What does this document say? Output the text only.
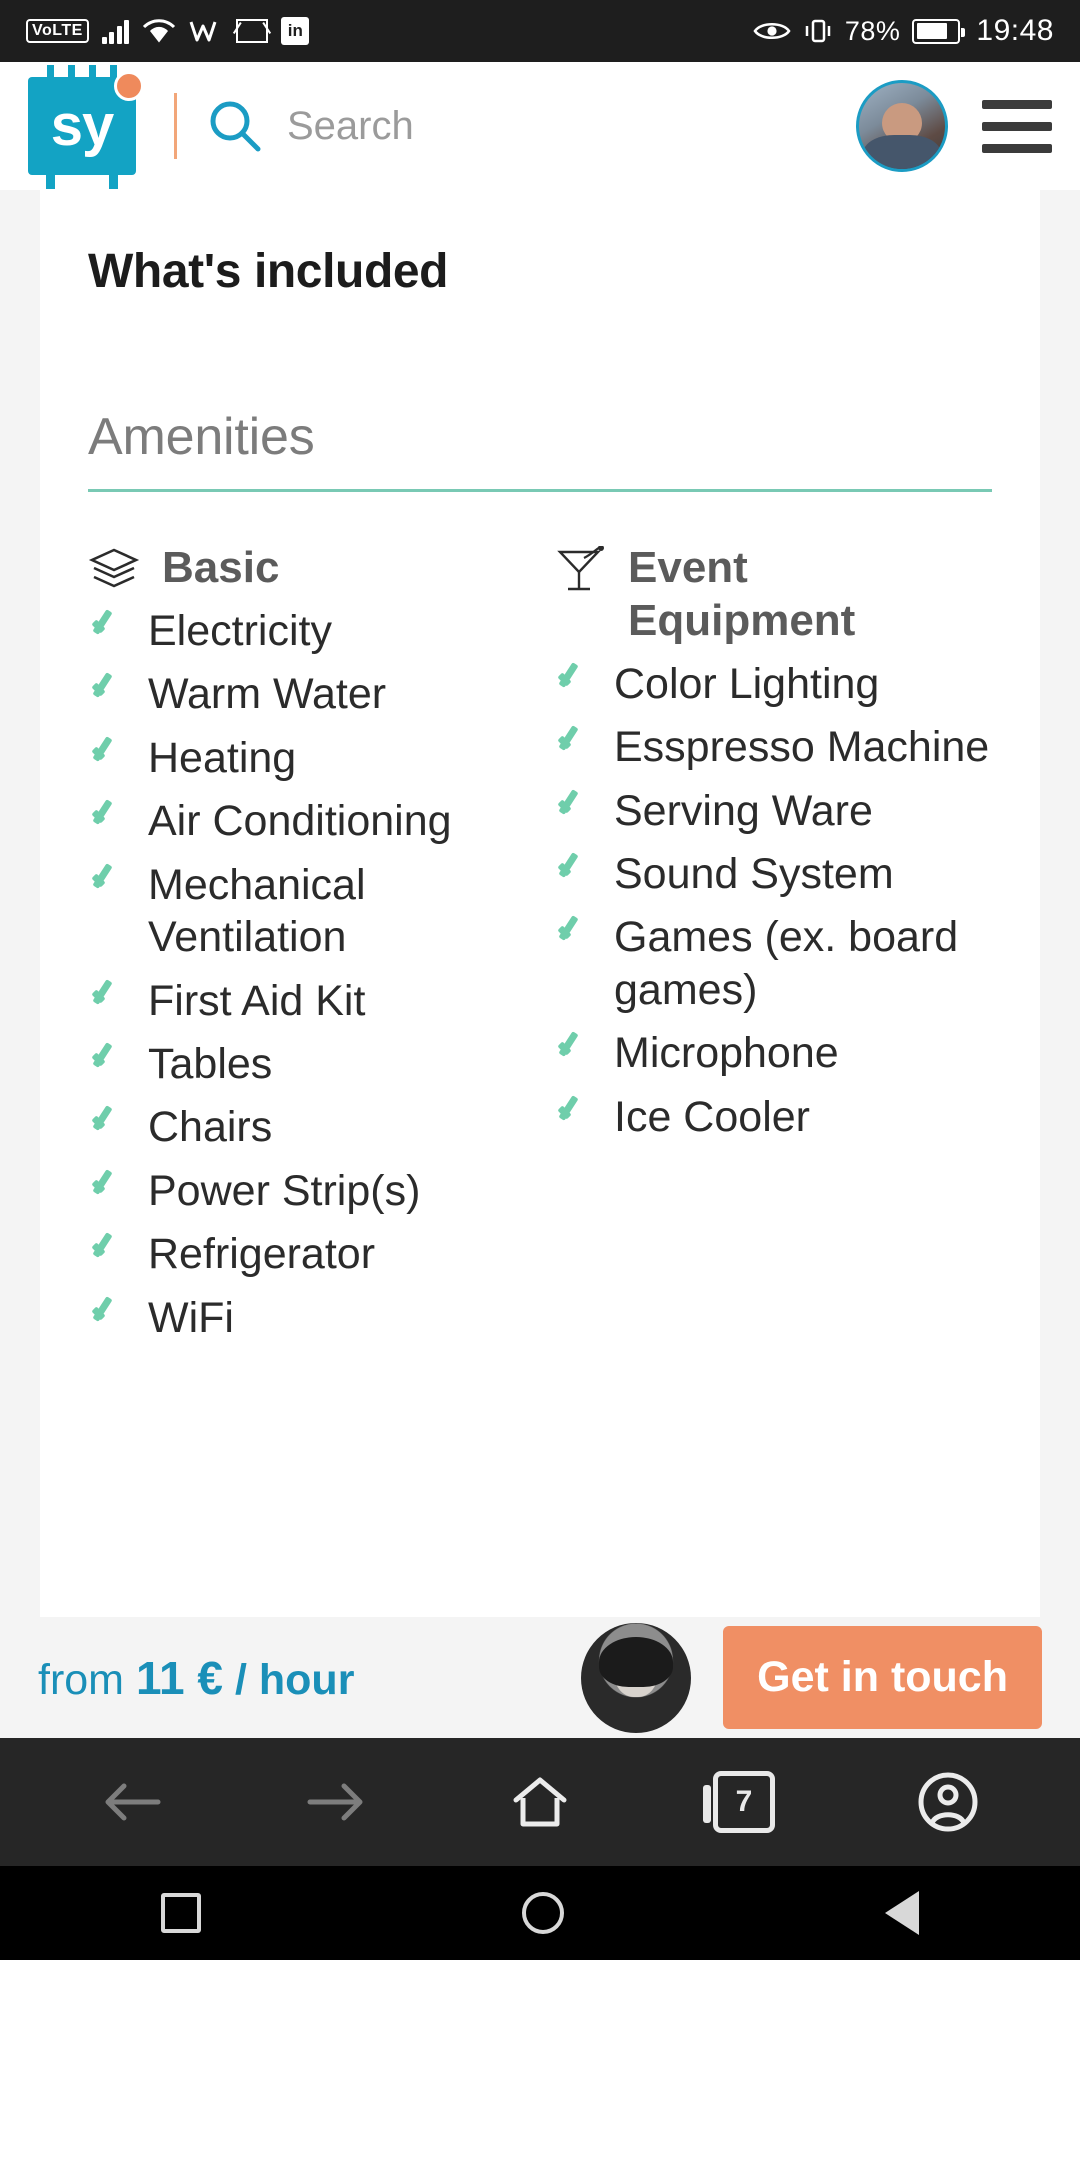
VoLTE	in	78%	19:48
sy
Search
What's included
Amenities
Basic
Electricity
Warm Water
Heating
Air Conditioning
Mechanical Ventilation
First Aid Kit
Tables
Chairs
Power Strip(s)
Refrigerator
WiFi
Event Equipment
Color Lighting
Esspresso Machine
Serving Ware
Sound System
Games (ex. board games)
Microphone
Ice Cooler
from 11 € / hour	Get in touch
7
